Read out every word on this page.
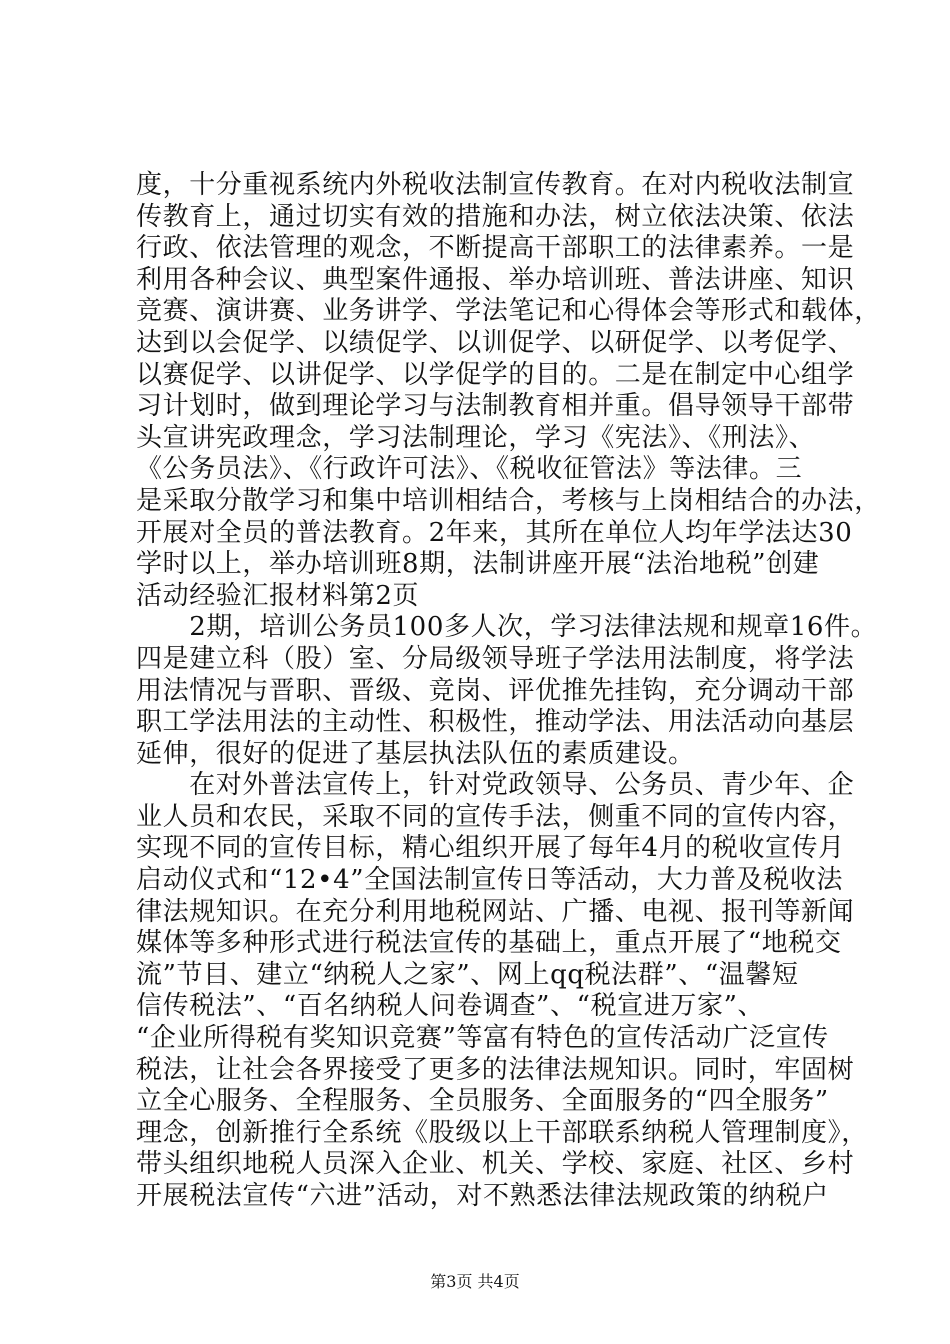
度，十分重视系统内外税收法制宣传教育。在对内税收法制宣
传教育上，通过切实有效的措施和办法，树立依法决策、依法
行政、依法管理的观念，不断提高干部职工的法律素养。一是
利用各种会议、典型案件通报、举办培训班、普法讲座、知识
竞赛、演讲赛、业务讲学、学法笔记和心得体会等形式和载体，
达到以会促学、以绩促学、以训促学、以研促学、以考促学、
以赛促学、以讲促学、以学促学的目的。二是在制定中心组学
习计划时，做到理论学习与法制教育相并重。倡导领导干部带
头宣讲宪政理念，学习法制理论，学习《宪法》、《刑法》、
《公务员法》、《行政许可法》、《税收征管法》等法律。三
是采取分散学习和集中培训相结合，考核与上岗相结合的办法，
开展对全员的普法教育。2年来，其所在单位人均年学法达30
学时以上，举办培训班8期，法制讲座开展“法治地税”创建
活动经验汇报材料第2页
　　2期，培训公务员100多人次，学习法律法规和规章16件。
四是建立科（股）室、分局级领导班子学法用法制度，将学法
用法情况与晋职、晋级、竞岗、评优推先挂钩，充分调动干部
职工学法用法的主动性、积极性，推动学法、用法活动向基层
延伸，很好的促进了基层执法队伍的素质建设。
　　在对外普法宣传上，针对党政领导、公务员、青少年、企
业人员和农民，采取不同的宣传手法，侧重不同的宣传内容，
实现不同的宣传目标，精心组织开展了每年4月的税收宣传月
启动仪式和“12•4”全国法制宣传日等活动，大力普及税收法
律法规知识。在充分利用地税网站、广播、电视、报刊等新闻
媒体等多种形式进行税法宣传的基础上，重点开展了“地税交
流”节目、建立“纳税人之家”、网上qq税法群”、“温馨短
信传税法”、“百名纳税人问卷调查”、“税宣进万家”、
“企业所得税有奖知识竞赛”等富有特色的宣传活动广泛宣传
税法，让社会各界接受了更多的法律法规知识。同时，牢固树
立全心服务、全程服务、全员服务、全面服务的“四全服务”
理念，创新推行全系统《股级以上干部联系纳税人管理制度》，
带头组织地税人员深入企业、机关、学校、家庭、社区、乡村
开展税法宣传“六进”活动，对不熟悉法律法规政策的纳税户
第3页 共4页
